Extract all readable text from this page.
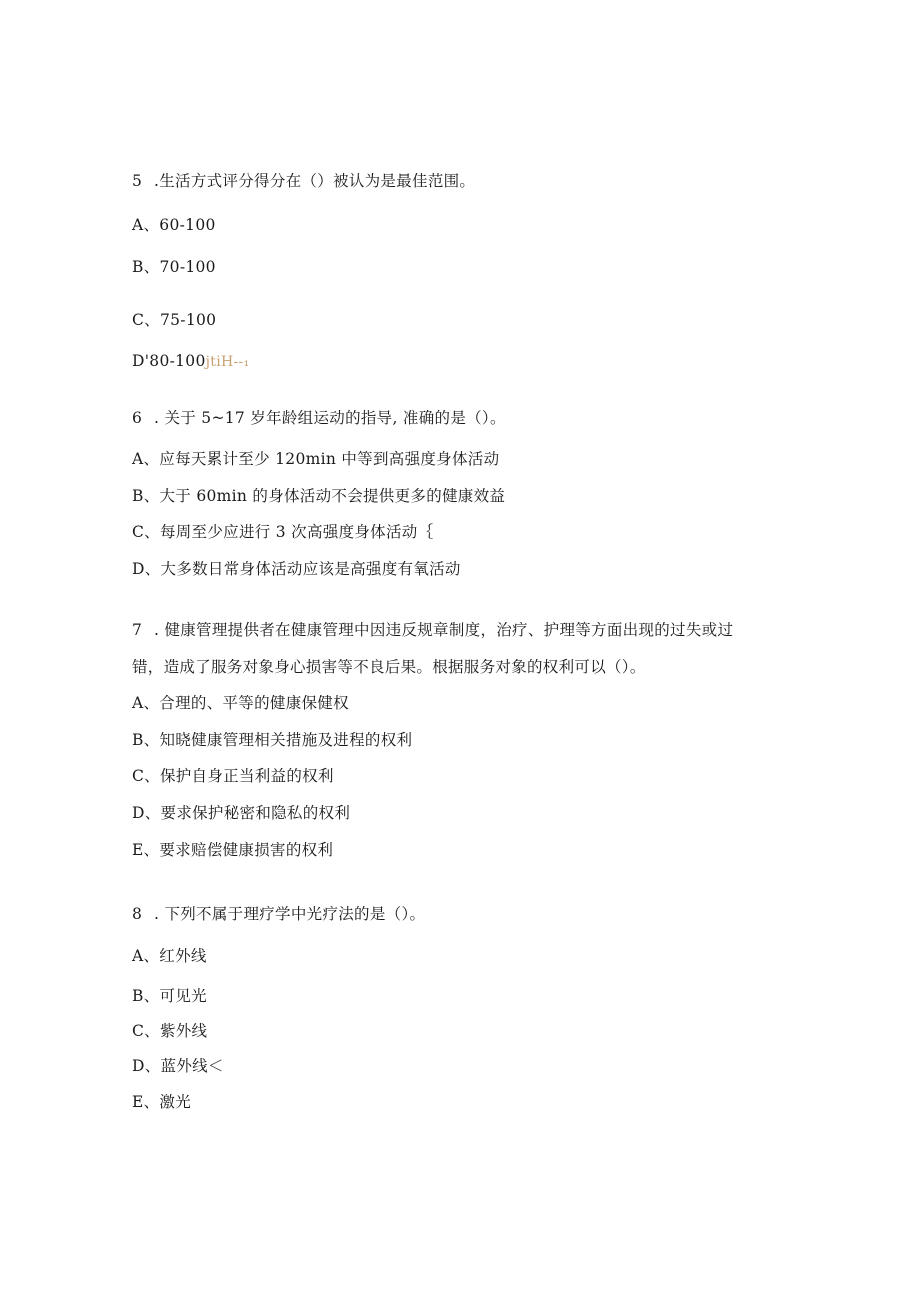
5 .生活方式评分得分在（）被认为是最佳范围。
A、60-100
B、70-100
C、75-100
D'80-100jtiH--₁
6 . 关于 5~17 岁年龄组运动的指导, 准确的是（）。
A、应每天累计至少 120min 中等到高强度身体活动
B、大于 60min 的身体活动不会提供更多的健康效益
C、每周至少应进行 3 次高强度身体活动｛
D、大多数日常身体活动应该是高强度有氧活动
7 . 健康管理提供者在健康管理中因违反规章制度，治疗、护理等方面出现的过失或过
错，造成了服务对象身心损害等不良后果。根据服务对象的权利可以（）。
A、合理的、平等的健康保健权
B、知晓健康管理相关措施及进程的权利
C、保护自身正当利益的权利
D、要求保护秘密和隐私的权利
E、要求赔偿健康损害的权利
8 . 下列不属于理疗学中光疗法的是（）。
A、红外线
B、可见光
C、紫外线
D、蓝外线＜
E、激光
